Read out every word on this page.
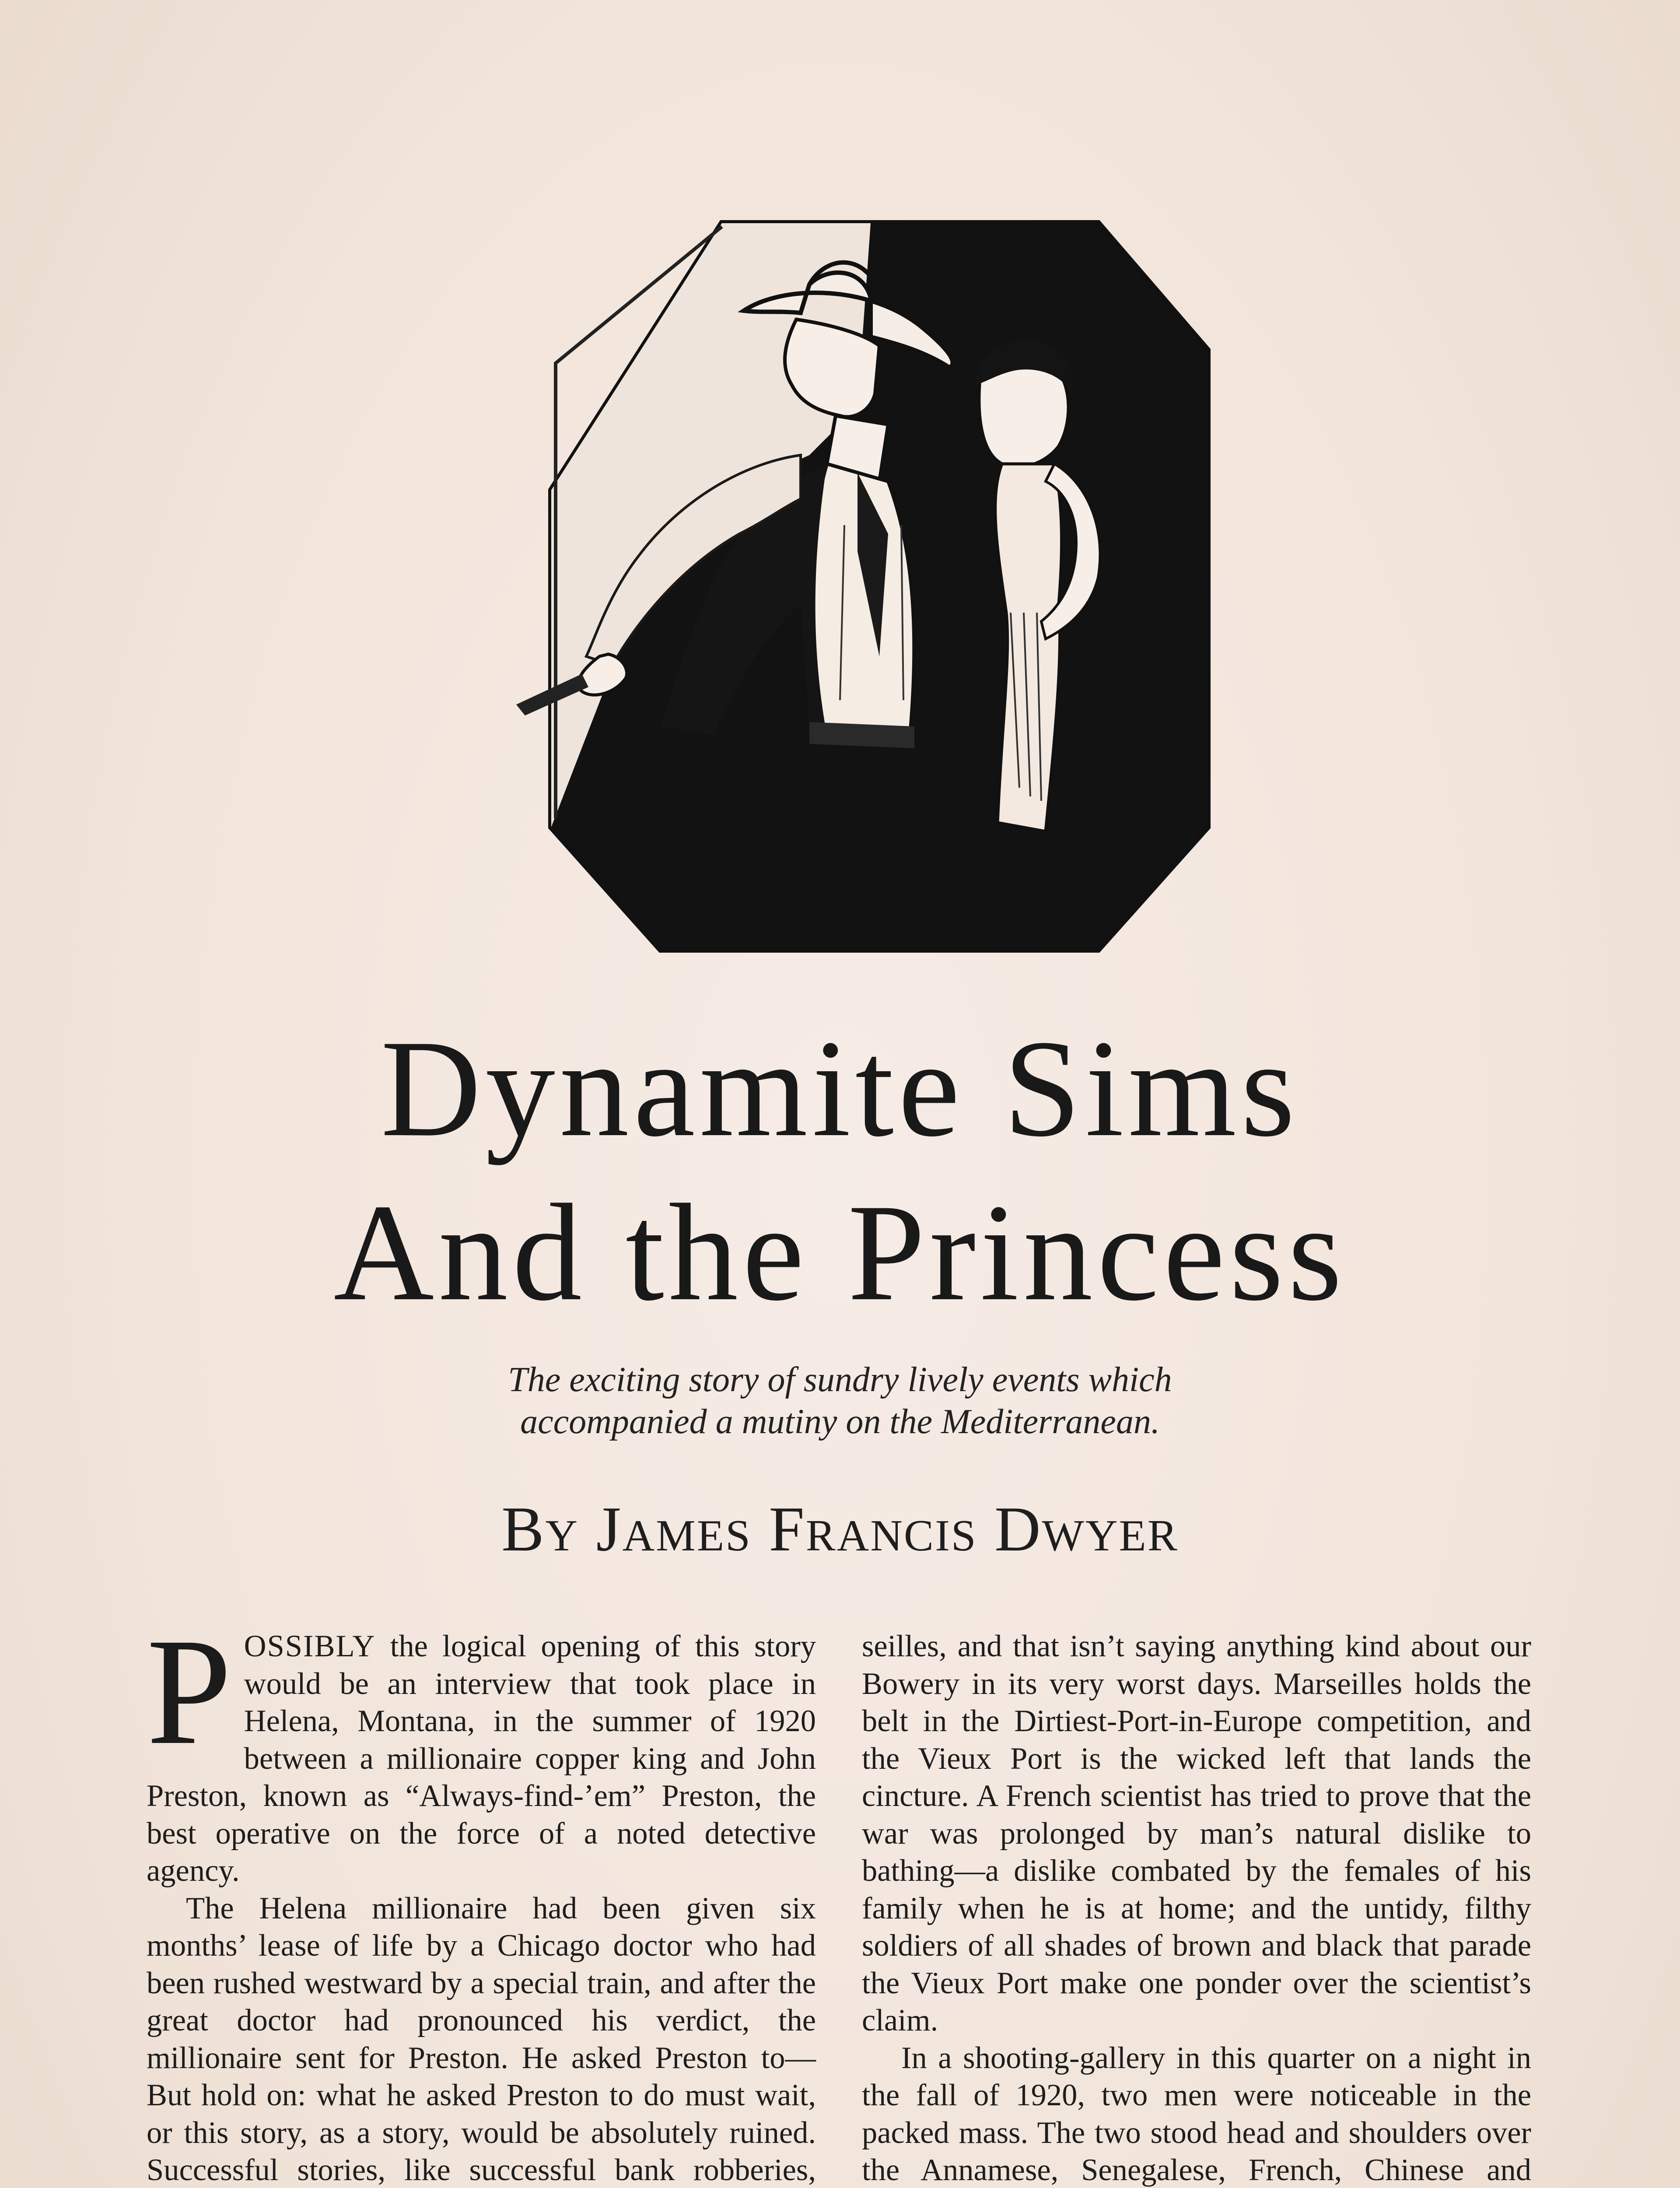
Dynamite Sims
And the Princess
The exciting story of sundry lively events which
accompanied a mutiny on the Mediterranean.
By James Francis Dwyer

POSSIBLY the logical opening of this story would be an interview that took place in Helena, Montana, in the summer of 1920 between a millionaire copper king and John Preston, known as “Always-find-’em” Preston, the best operative on the force of a noted detective agency.

The Helena millionaire had been given six months’ lease of life by a Chicago doctor who had been rushed westward by a special train, and after the great doctor had pronounced his verdict, the millionaire sent for Preston. He asked Preston to— But hold on: what he asked Preston to do must wait, or this story, as a story, would be absolutely ruined. Successful stories, like successful bank robberies,

seilles, and that isn’t saying anything kind about our Bowery in its very worst days. Marseilles holds the belt in the Dirtiest-Port-in-Europe competition, and the Vieux Port is the wicked left that lands the cincture. A French scientist has tried to prove that the war was prolonged by man’s natural dislike to bathing—a dislike combated by the females of his family when he is at home; and the untidy, filthy soldiers of all shades of brown and black that parade the Vieux Port make one ponder over the scientist’s claim.

In a shooting-gallery in this quarter on a night in the fall of 1920, two men were noticeable in the packed mass. The two stood head and shoulders over the Annamese, Senegalese, French, Chinese and
